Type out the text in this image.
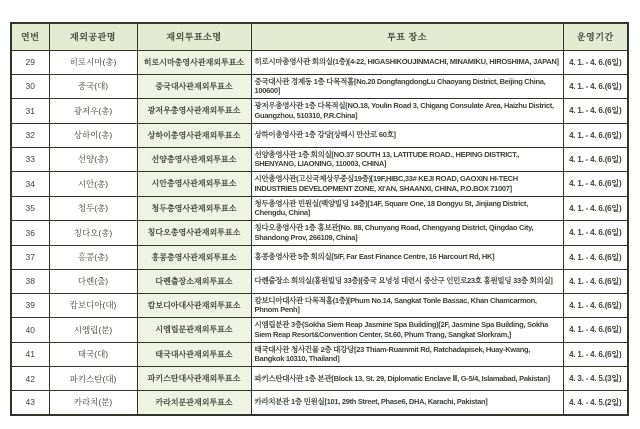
연번	재외공관명	재외투표소명	투표 장소	운영기간
29	히로시마(총)	히로시마총영사관재외투표소	히로시마총영사관 회의실(1층)[4-22, HIGASHIKOUJINMACHI, MINAMIKU, HIROSHIMA, JAPAN]	4. 1. - 4. 6.(6일)
30	중국(대)	중국대사관재외투표소	중국대사관 경제동 1층 다목적홀[No.20 DongfangdongLu Chaoyang District, Beijing China, 100600]	4. 1. - 4. 6.(6일)
31	광저우(총)	광저우총영사관재외투표소	광저우총영사관 1층 다목적실[NO.18, Youlin Road 3, Chigang Consulate Area, Haizhu District, Guangzhou, 510310, P.R.China]	4. 1. - 4. 6.(6일)
32	상하이(총)	상하이총영사관재외투표소	상하이총영사관 1층 강당[상해시 만산로 60호]	4. 1. - 4. 6.(6일)
33	선양(총)	선양총영사관재외투표소	선양총영사관 1층 회의실[NO.37 SOUTH 13, LATITUDE ROAD., HEPING DISTRICT., SHENYANG, LIAONING, 110003, CHINA]	4. 1. - 4. 6.(6일)
34	시안(총)	시안총영사관재외투표소	시안총영사관(고신국제상무중심19층)[19F,HIBC,33# KEJI ROAD, GAOXIN HI-TECH INDUSTRIES DEVELOPMENT ZONE, XI'AN, SHAANXI, CHINA, P.O.BOX 71007]	4. 1. - 4. 6.(6일)
35	청두(총)	청두총영사관재외투표소	청두총영사관 민원실(백양빌딩 14층)[14F, Square One, 18 Dongyu St, Jinjiang District, Chengdu, China]	4. 1. - 4. 6.(6일)
36	칭다오(총)	칭다오총영사관재외투표소	칭다오총영사관 1층 홍보관[No. 88, Chunyang Road, Chengyang District, Qingdao City, Shandong Prov, 266109, China]	4. 1. - 4. 6.(6일)
37	홍콩(총)	홍콩총영사관재외투표소	홍콩총영사관 5층 회의실[5/F, Far East Finance Centre, 16 Harcourt Rd, HK]	4. 1. - 4. 6.(6일)
38	다롄(출)	다롄출장소재외투표소	다롄출장소 회의실(홍원빌딩 33층)[중국 요녕성 대련시 중산구 인민로23호 홍원빌딩 33층 회의실]	4. 1. - 4. 6.(6일)
39	캄보디아(대)	캄보디아대사관재외투표소	캄보디아대사관 다목적홀(1층)[Phum No.14, Sangkat Tonle Bassac, Khan Chamcarmon, Phnom Penh]	4. 1. - 4. 6.(6일)
40	시엠립(분)	시엠립분관재외투표소	시엠립분관 3층(Sokha Siem Reap Jasmine Spa Building)[2F, Jasmine Spa Building, Sokha Siem Reap Resort&Convention Center, St.60, Phum Trang, Sangkat Slorkram,]	4. 1. - 4. 6.(6일)
41	태국(대)	태국대사관재외투표소	태국대사관 청사건물 2층 대강당[23 Thiam-Ruammit Rd, Ratchadapisek, Huay-Kwang, Bangkok 10310, Thailand]	4. 1. - 4. 6.(6일)
42	파키스탄(대)	파키스탄대사관재외투표소	파키스탄대사관 1층 본관[Block 13, St. 29, Diplomatic Enclave Ⅱ, G-5/4, Islamabad, Pakistan]	4. 3. - 4. 5.(3일)
43	카라치(분)	카라치분관재외투표소	카라치분관 1층 민원실[101, 29th Street, Phase6, DHA, Karachi, Pakistan]	4. 4. - 4. 5.(2일)
